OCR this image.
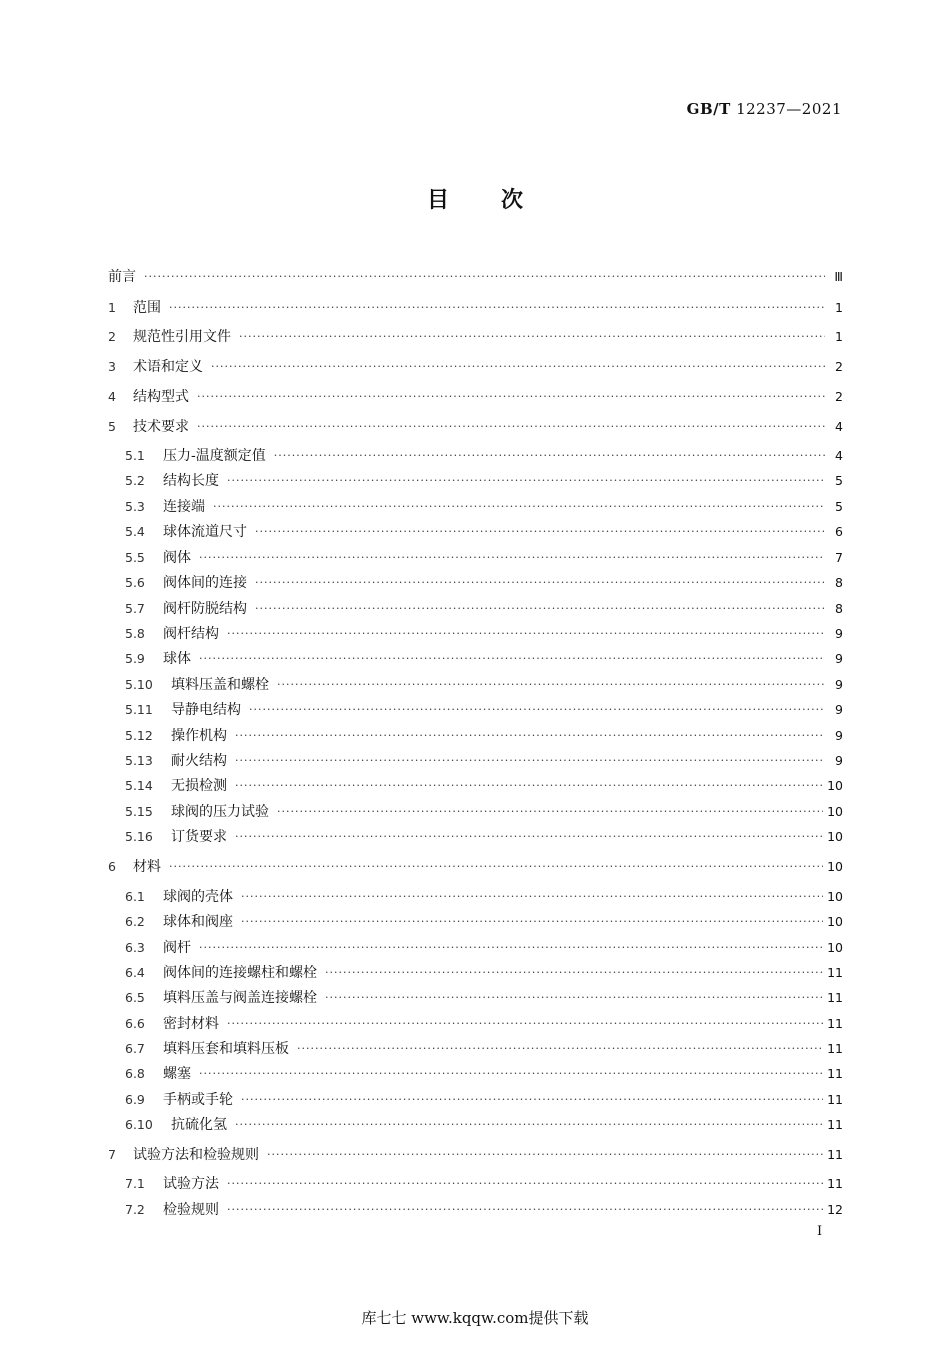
GB/T 12237—2021
目 次
前言 ·····	Ⅲ
1	范围 ·····	1
2	规范性引用文件 ·····	1
3	术语和定义 ·····	2
4	结构型式 ·····	2
5	技术要求 ·····	4
5.1	压力-温度额定值 ·····	4
5.2	结构长度 ·····	5
5.3	连接端 ·····	5
5.4	球体流道尺寸 ·····	6
5.5	阀体 ·····	7
5.6	阀体间的连接 ·····	8
5.7	阀杆防脱结构 ·····	8
5.8	阀杆结构 ·····	9
5.9	球体 ·····	9
5.10	填料压盖和螺栓 ·····	9
5.11	导静电结构 ·····	9
5.12	操作机构 ·····	9
5.13	耐火结构 ·····	9
5.14	无损检测 ·····	10
5.15	球阀的压力试验 ·····	10
5.16	订货要求 ·····	10
6	材料 ·····	10
6.1	球阀的壳体 ·····	10
6.2	球体和阀座 ·····	10
6.3	阀杆 ·····	10
6.4	阀体间的连接螺柱和螺栓 ·····	11
6.5	填料压盖与阀盖连接螺栓 ·····	11
6.6	密封材料 ·····	11
6.7	填料压套和填料压板 ·····	11
6.8	螺塞 ·····	11
6.9	手柄或手轮 ·····	11
6.10	抗硫化氢 ·····	11
7	试验方法和检验规则 ·····	11
7.1	试验方法 ·····	11
7.2	检验规则 ·····	12
I
库七七 www.kqqw.com提供下载
